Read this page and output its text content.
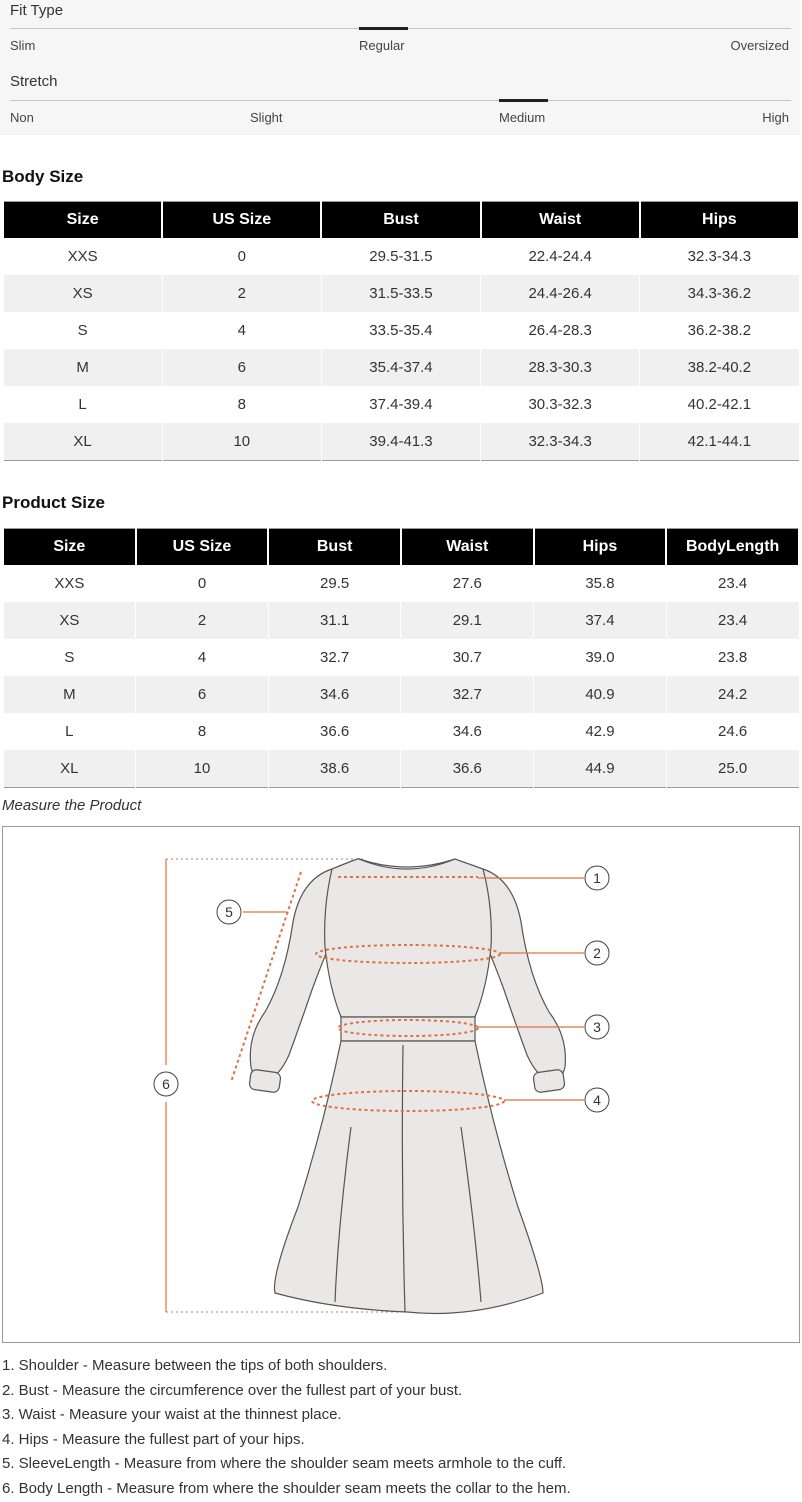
Fit Type
Slim	Regular	Oversized
Stretch
Non	Slight	Medium	High
Body Size
Size	US Size	Bust	Waist	Hips
XXS	0	29.5-31.5	22.4-24.4	32.3-34.3
XS	2	31.5-33.5	24.4-26.4	34.3-36.2
S	4	33.5-35.4	26.4-28.3	36.2-38.2
M	6	35.4-37.4	28.3-30.3	38.2-40.2
L	8	37.4-39.4	30.3-32.3	40.2-42.1
XL	10	39.4-41.3	32.3-34.3	42.1-44.1
Product Size
Size	US Size	Bust	Waist	Hips	BodyLength
XXS	0	29.5	27.6	35.8	23.4
XS	2	31.1	29.1	37.4	23.4
S	4	32.7	30.7	39.0	23.8
M	6	34.6	32.7	40.9	24.2
L	8	36.6	34.6	42.9	24.6
XL	10	38.6	36.6	44.9	25.0
Measure the Product
1
2
3
4
5
6
1. Shoulder - Measure between the tips of both shoulders.
2. Bust - Measure the circumference over the fullest part of your bust.
3. Waist - Measure your waist at the thinnest place.
4. Hips - Measure the fullest part of your hips.
5. SleeveLength - Measure from where the shoulder seam meets armhole to the cuff.
6. Body Length - Measure from where the shoulder seam meets the collar to the hem.
